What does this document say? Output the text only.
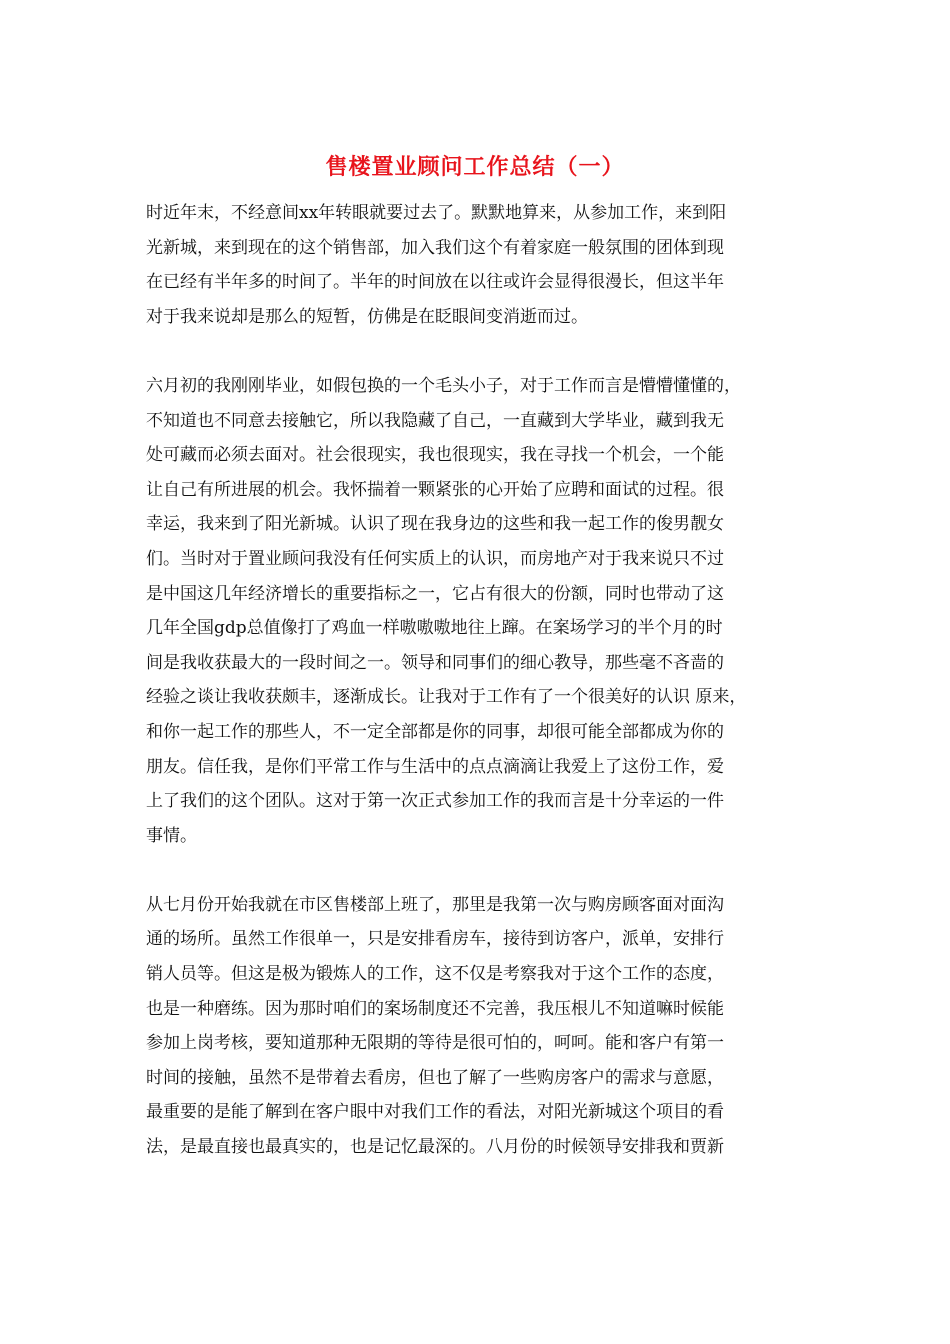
售楼置业顾问工作总结（一）
时近年末，不经意间xx年转眼就要过去了。默默地算来，从参加工作，来到阳
光新城，来到现在的这个销售部，加入我们这个有着家庭一般氛围的团体到现
在已经有半年多的时间了。半年的时间放在以往或许会显得很漫长，但这半年
对于我来说却是那么的短暂，仿佛是在眨眼间变消逝而过。
六月初的我刚刚毕业，如假包换的一个毛头小子，对于工作而言是懵懵懂懂的，
不知道也不同意去接触它，所以我隐藏了自己，一直藏到大学毕业，藏到我无
处可藏而必须去面对。社会很现实，我也很现实，我在寻找一个机会，一个能
让自己有所进展的机会。我怀揣着一颗紧张的心开始了应聘和面试的过程。很
幸运，我来到了阳光新城。认识了现在我身边的这些和我一起工作的俊男靓女
们。当时对于置业顾问我没有任何实质上的认识，而房地产对于我来说只不过
是中国这几年经济增长的重要指标之一，它占有很大的份额，同时也带动了这
几年全国gdp总值像打了鸡血一样嗷嗷嗷地往上蹿。在案场学习的半个月的时
间是我收获最大的一段时间之一。领导和同事们的细心教导，那些毫不吝啬的
经验之谈让我收获颇丰，逐渐成长。让我对于工作有了一个很美好的认识 原来，
和你一起工作的那些人，不一定全部都是你的同事，却很可能全部都成为你的
朋友。信任我，是你们平常工作与生活中的点点滴滴让我爱上了这份工作，爱
上了我们的这个团队。这对于第一次正式参加工作的我而言是十分幸运的一件
事情。
从七月份开始我就在市区售楼部上班了，那里是我第一次与购房顾客面对面沟
通的场所。虽然工作很单一，只是安排看房车，接待到访客户，派单，安排行
销人员等。但这是极为锻炼人的工作，这不仅是考察我对于这个工作的态度，
也是一种磨练。因为那时咱们的案场制度还不完善，我压根儿不知道嘛时候能
参加上岗考核，要知道那种无限期的等待是很可怕的，呵呵。能和客户有第一
时间的接触，虽然不是带着去看房，但也了解了一些购房客户的需求与意愿，
最重要的是能了解到在客户眼中对我们工作的看法，对阳光新城这个项目的看
法，是最直接也最真实的，也是记忆最深的。八月份的时候领导安排我和贾新
